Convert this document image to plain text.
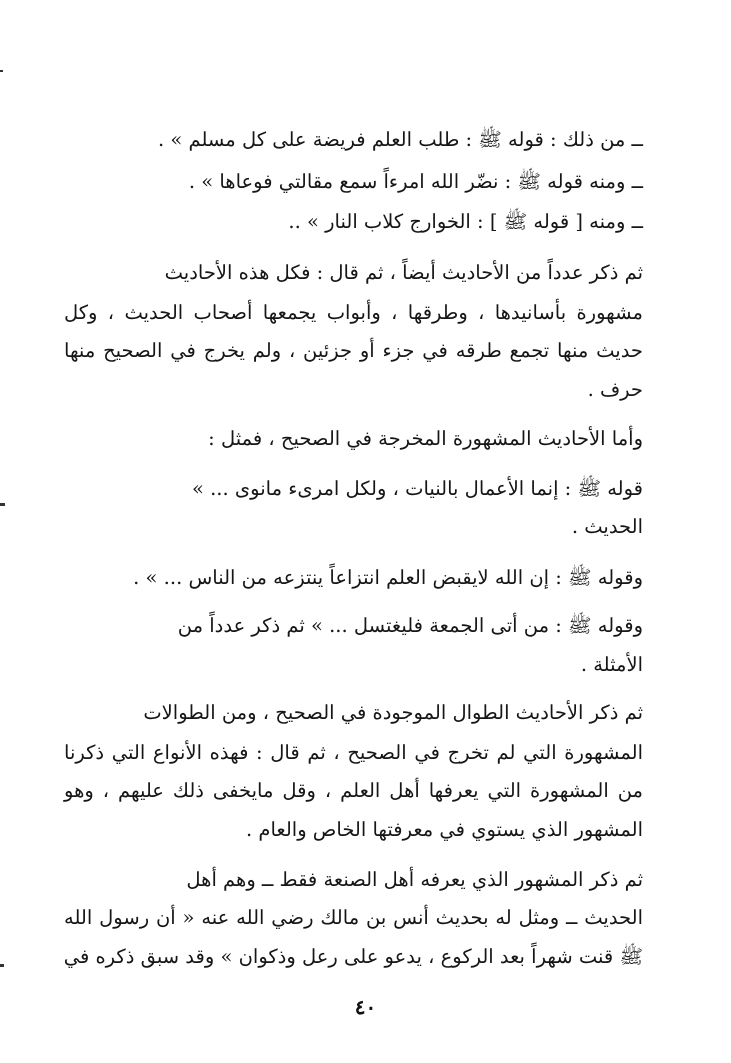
ــ من ذلك : قوله ﷺ : طلب العلم فريضة على كل مسلم » .
ــ ومنه قوله ﷺ : نضّر الله امرءاً سمع مقالتي فوعاها » .
ــ ومنه [ قوله ﷺ ] : الخوارج كلاب النار » ..
ثم ذكر عدداً من الأحاديث أيضاً ، ثم قال : فكل هذه الأحاديث
مشهورة بأسانيدها ، وطرقها ، وأبواب يجمعها أصحاب الحديث ، وكل
حديث منها تجمع طرقه في جزء أو جزئين ، ولم يخرج في الصحيح منها
حرف .
وأما الأحاديث المشهورة المخرجة في الصحيح ، فمثل :
قوله ﷺ : إنما الأعمال بالنيات ، ولكل امرىء مانوى ... »
الحديث .
وقوله ﷺ : إن الله لايقبض العلم انتزاعاً ينتزعه من الناس ... » .
وقوله ﷺ : من أتى الجمعة فليغتسل ... » ثم ذكر عدداً من
الأمثلة .
ثم ذكر الأحاديث الطوال الموجودة في الصحيح ، ومن الطوالات
المشهورة التي لم تخرج في الصحيح ، ثم قال : فهذه الأنواع التي ذكرنا
من المشهورة التي يعرفها أهل العلم ، وقل مايخفى ذلك عليهم ، وهو
المشهور الذي يستوي في معرفتها الخاص والعام .
ثم ذكر المشهور الذي يعرفه أهل الصنعة فقط ــ وهم أهل
الحديث ــ ومثل له بحديث أنس بن مالك رضي الله عنه « أن رسول الله
ﷺ قنت شهراً بعد الركوع ، يدعو على رعل وذكوان » وقد سبق ذكره في
٤٠
